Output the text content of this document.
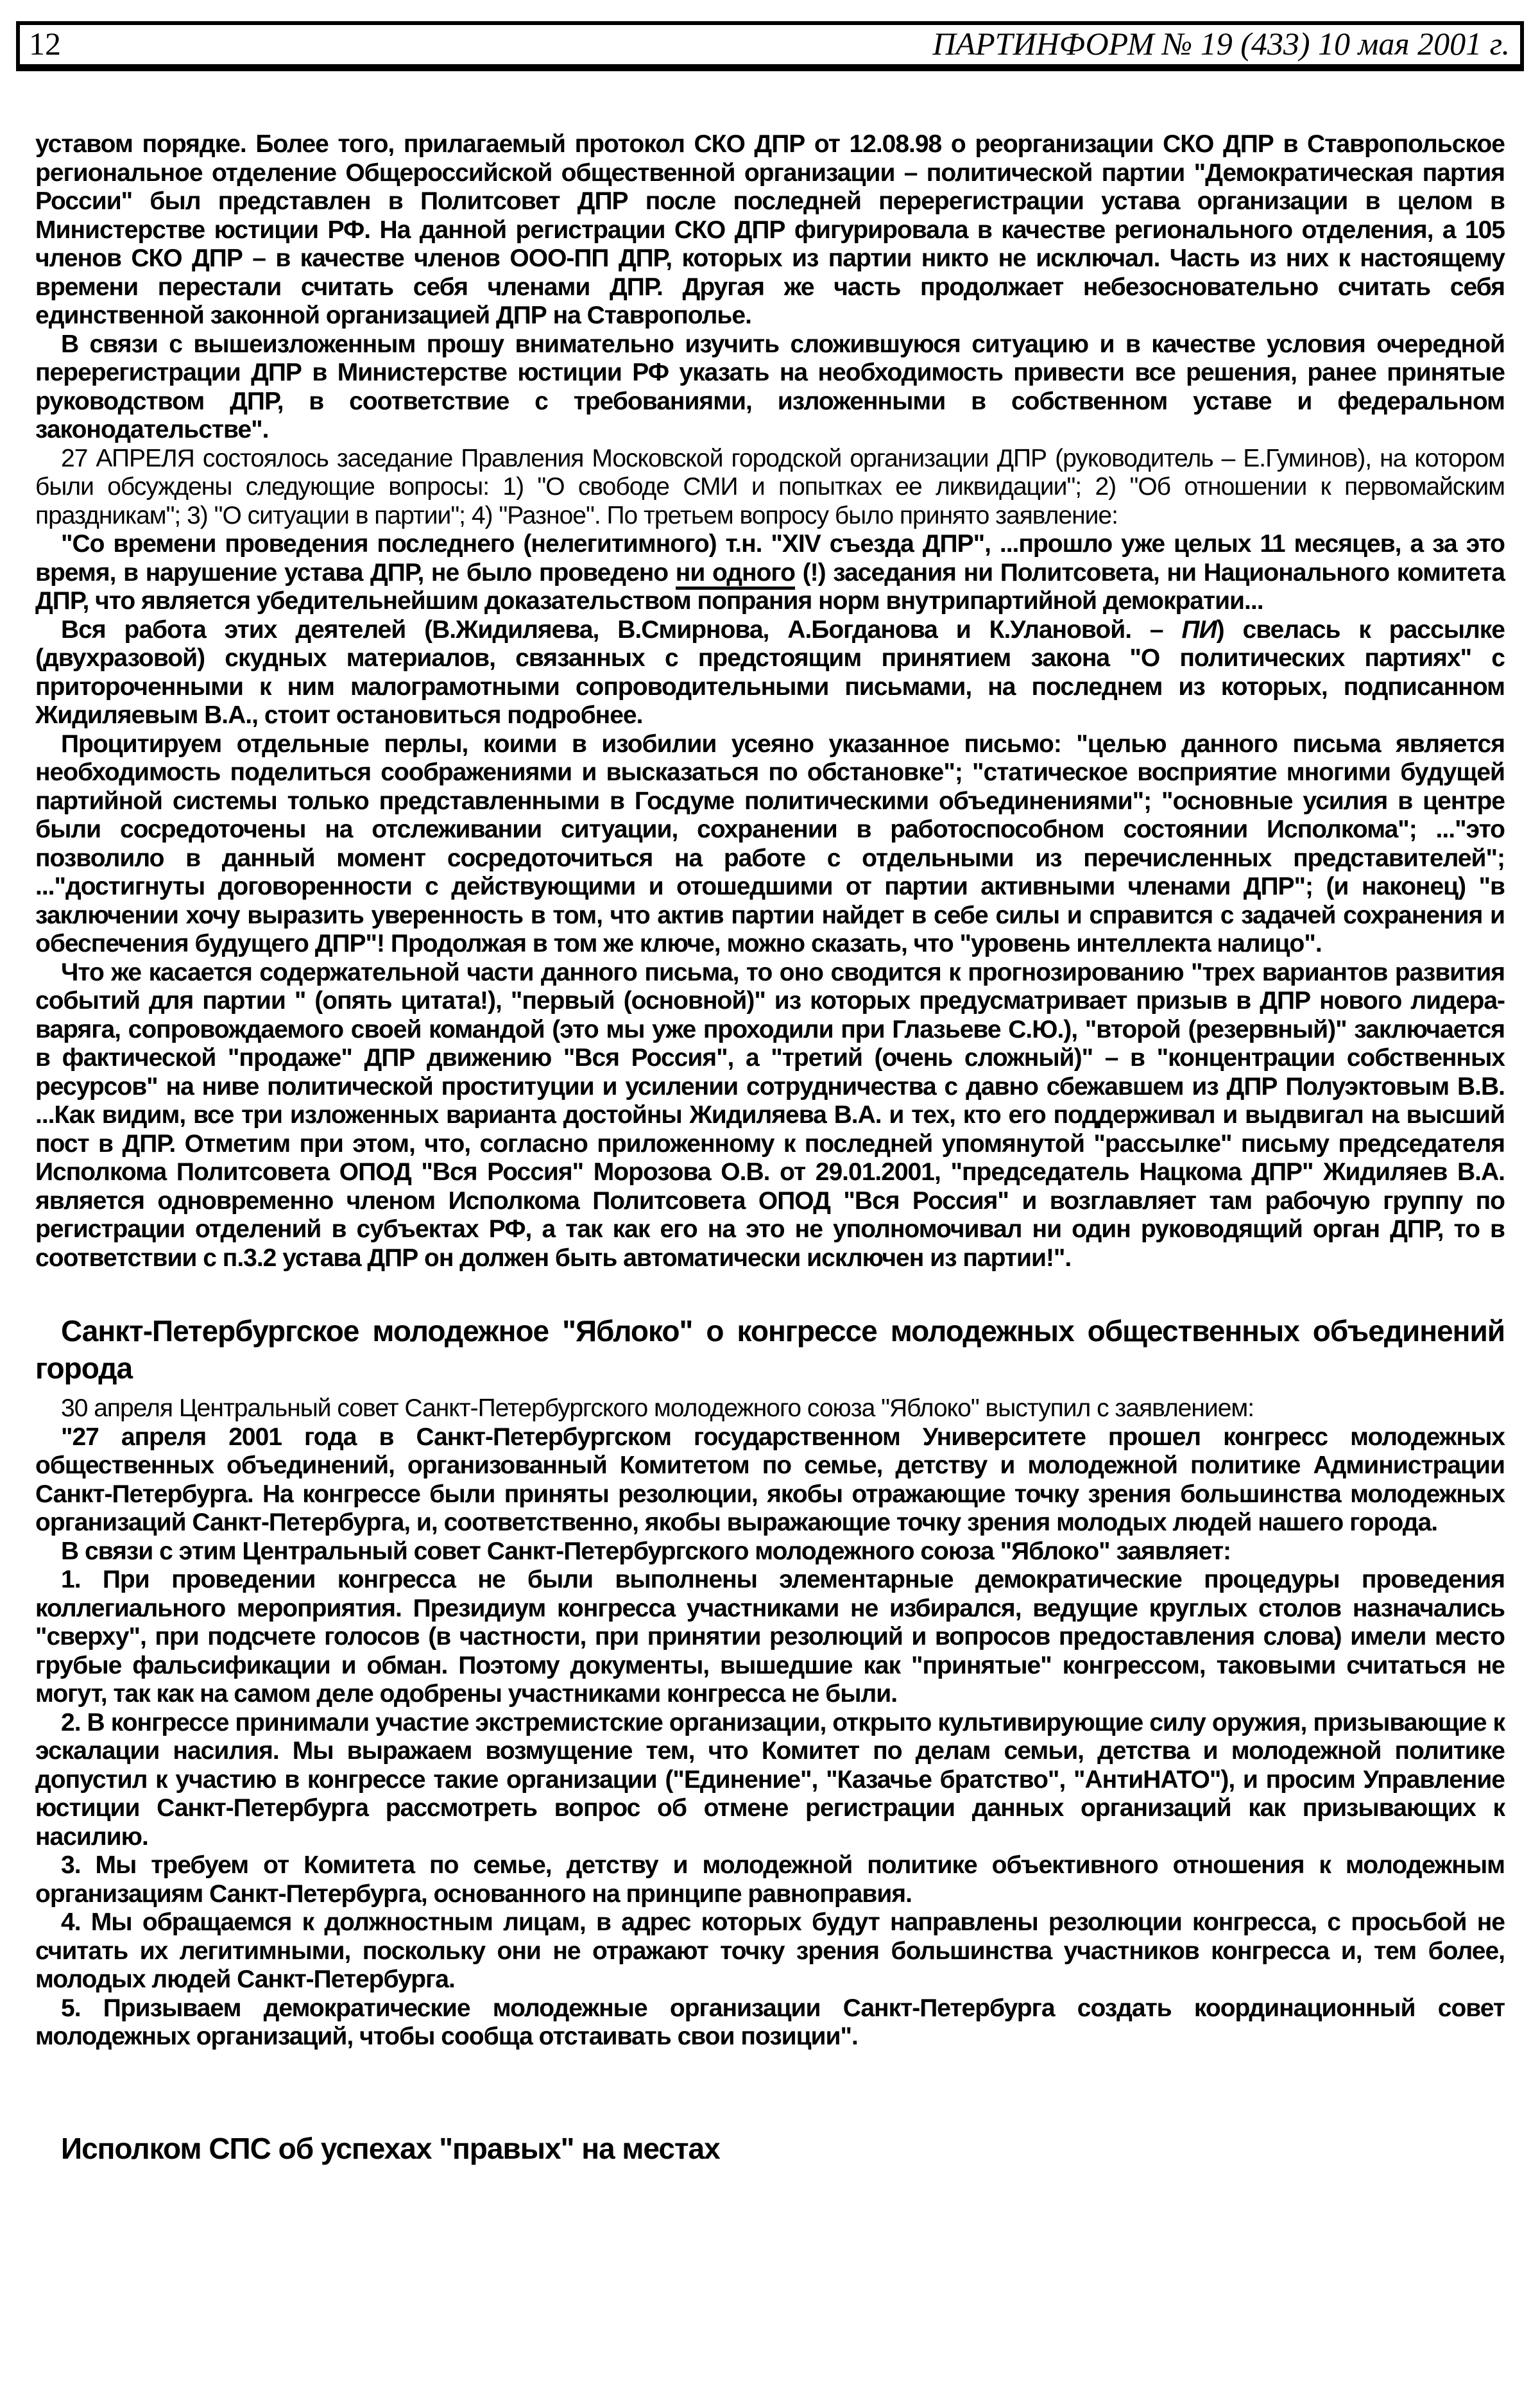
12	ПАРТИНФОРМ № 19 (433) 10 мая 2001 г.

уставом порядке. Более того, прилагаемый протокол СКО ДПР от 12.08.98 о реорганизации СКО ДПР в Ставропольское региональное отделение Общероссийской общественной организации – политической партии "Демократическая партия России" был представлен в Политсовет ДПР после последней перерегистрации устава организации в целом в Министерстве юстиции РФ. На данной регистрации СКО ДПР фигурировала в качестве регионального отделения, а 105 членов СКО ДПР – в качестве членов ООО-ПП ДПР, которых из партии никто не исключал. Часть из них к настоящему времени перестали считать себя членами ДПР. Другая же часть продолжает небезосновательно считать себя единственной законной организацией ДПР на Ставрополье.

В связи с вышеизложенным прошу внимательно изучить сложившуюся ситуацию и в качестве условия очередной перерегистрации ДПР в Министерстве юстиции РФ указать на необходимость привести все решения, ранее принятые руководством ДПР, в соответствие с требованиями, изложенными в собственном уставе и федеральном законодательстве".

27 АПРЕЛЯ состоялось заседание Правления Московской городской организации ДПР (руководитель – Е.Гуминов), на котором были обсуждены следующие вопросы: 1) "О свободе СМИ и попытках ее ликвидации"; 2) "Об отношении к первомайским праздникам"; 3) "О ситуации в партии"; 4) "Разное". По третьем вопросу было принято заявление:

"Со времени проведения последнего (нелегитимного) т.н. "XIV съезда ДПР", ...прошло уже целых 11 месяцев, а за это время, в нарушение устава ДПР, не было проведено ни одного (!) заседания ни Политсовета, ни Национального комитета ДПР, что является убедительнейшим доказательством попрания норм внутрипартийной демократии...

Вся работа этих деятелей (В.Жидиляева, В.Смирнова, А.Богданова и К.Улановой. – ПИ) свелась к рассылке (двухразовой) скудных материалов, связанных с предстоящим принятием закона "О политических партиях" с притороченными к ним малограмотными сопроводительными письмами, на последнем из которых, подписанном Жидиляевым В.А., стоит остановиться подробнее.

Процитируем отдельные перлы, коими в изобилии усеяно указанное письмо: "целью данного письма является необходимость поделиться соображениями и высказаться по обстановке"; "статическое восприятие многими будущей партийной системы только представленными в Госдуме политическими объединениями"; "основные усилия в центре были сосредоточены на отслеживании ситуации, сохранении в работоспособном состоянии Исполкома"; ..."это позволило в данный момент сосредоточиться на работе с отдельными из перечисленных представителей"; ..."достигнуты договоренности с действующими и отошедшими от партии активными членами ДПР"; (и наконец) "в заключении хочу выразить уверенность в том, что актив партии найдет в себе силы и справится с задачей сохранения и обеспечения будущего ДПР"! Продолжая в том же ключе, можно сказать, что "уровень интеллекта налицо".

Что же касается содержательной части данного письма, то оно сводится к прогнозированию "трех вариантов развития событий для партии " (опять цитата!), "первый (основной)" из которых предусматривает призыв в ДПР нового лидера-варяга, сопровождаемого своей командой (это мы уже проходили при Глазьеве С.Ю.), "второй (резервный)" заключается в фактической "продаже" ДПР движению "Вся Россия", а "третий (очень сложный)" – в "концентрации собственных ресурсов" на ниве политической проституции и усилении сотрудничества с давно сбежавшем из ДПР Полуэктовым В.В. ...Как видим, все три изложенных варианта достойны Жидиляева В.А. и тех, кто его поддерживал и выдвигал на высший пост в ДПР. Отметим при этом, что, согласно приложенному к последней упомянутой "рассылке" письму председателя Исполкома Политсовета ОПОД "Вся Россия" Морозова О.В. от 29.01.2001, "председатель Нацкома ДПР" Жидиляев В.А. является одновременно членом Исполкома Политсовета ОПОД "Вся Россия" и возглавляет там рабочую группу по регистрации отделений в субъектах РФ, а так как его на это не уполномочивал ни один руководящий орган ДПР, то в соответствии с п.3.2 устава ДПР он должен быть автоматически исключен из партии!".

Санкт-Петербургское молодежное "Яблоко" о конгрессе молодежных общественных объединений города

30 апреля Центральный совет Санкт-Петербургского молодежного союза "Яблоко" выступил с заявлением:

"27 апреля 2001 года в Санкт-Петербургском государственном Университете прошел конгресс молодежных общественных объединений, организованный Комитетом по семье, детству и молодежной политике Администрации Санкт-Петербурга. На конгрессе были приняты резолюции, якобы отражающие точку зрения большинства молодежных организаций Санкт-Петербурга, и, соответственно, якобы выражающие точку зрения молодых людей нашего города.

В связи с этим Центральный совет Санкт-Петербургского молодежного союза "Яблоко" заявляет:

1. При проведении конгресса не были выполнены элементарные демократические процедуры проведения коллегиального мероприятия. Президиум конгресса участниками не избирался, ведущие круглых столов назначались "сверху", при подсчете голосов (в частности, при принятии резолюций и вопросов предоставления слова) имели место грубые фальсификации и обман. Поэтому документы, вышедшие как "принятые" конгрессом, таковыми считаться не могут, так как на самом деле одобрены участниками конгресса не были.

2. В конгрессе принимали участие экстремистские организации, открыто культивирующие силу оружия, призывающие к эскалации насилия. Мы выражаем возмущение тем, что Комитет по делам семьи, детства и молодежной политике допустил к участию в конгрессе такие организации ("Единение", "Казачье братство", "АнтиНАТО"), и просим Управление юстиции Санкт-Петербурга рассмотреть вопрос об отмене регистрации данных организаций как призывающих к насилию.

3. Мы требуем от Комитета по семье, детству и молодежной политике объективного отношения к молодежным организациям Санкт-Петербурга, основанного на принципе равноправия.

4. Мы обращаемся к должностным лицам, в адрес которых будут направлены резолюции конгресса, с просьбой не считать их легитимными, поскольку они не отражают точку зрения большинства участников конгресса и, тем более, молодых людей Санкт-Петербурга.

5. Призываем демократические молодежные организации Санкт-Петербурга создать координационный совет молодежных организаций, чтобы сообща отстаивать свои позиции".

Исполком СПС об успехах "правых" на местах
